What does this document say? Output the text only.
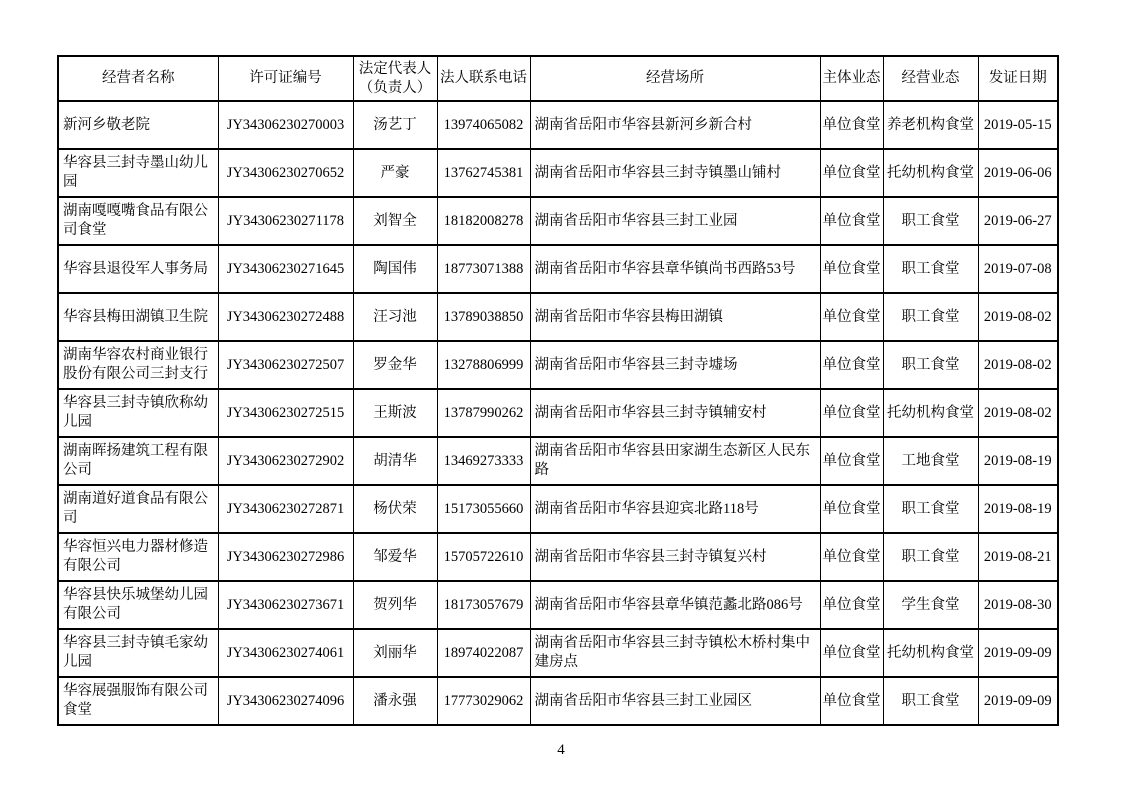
经营者名称	许可证编号	法定代表人（负责人）	法人联系电话	经营场所	主体业态	经营业态	发证日期
新河乡敬老院	JY34306230270003	汤艺丁	13974065082	湖南省岳阳市华容县新河乡新合村	单位食堂	养老机构食堂	2019-05-15
华容县三封寺墨山幼儿园	JY34306230270652	严豪	13762745381	湖南省岳阳市华容县三封寺镇墨山铺村	单位食堂	托幼机构食堂	2019-06-06
湖南嘎嘎嘴食品有限公司食堂	JY34306230271178	刘智全	18182008278	湖南省岳阳市华容县三封工业园	单位食堂	职工食堂	2019-06-27
华容县退役军人事务局	JY34306230271645	陶国伟	18773071388	湖南省岳阳市华容县章华镇尚书西路53号	单位食堂	职工食堂	2019-07-08
华容县梅田湖镇卫生院	JY34306230272488	汪习池	13789038850	湖南省岳阳市华容县梅田湖镇	单位食堂	职工食堂	2019-08-02
湖南华容农村商业银行股份有限公司三封支行	JY34306230272507	罗金华	13278806999	湖南省岳阳市华容县三封寺墟场	单位食堂	职工食堂	2019-08-02
华容县三封寺镇欣称幼儿园	JY34306230272515	王斯波	13787990262	湖南省岳阳市华容县三封寺镇辅安村	单位食堂	托幼机构食堂	2019-08-02
湖南晖扬建筑工程有限公司	JY34306230272902	胡清华	13469273333	湖南省岳阳市华容县田家湖生态新区人民东路	单位食堂	工地食堂	2019-08-19
湖南道好道食品有限公司	JY34306230272871	杨伏荣	15173055660	湖南省岳阳市华容县迎宾北路118号	单位食堂	职工食堂	2019-08-19
华容恒兴电力器材修造有限公司	JY34306230272986	邹爱华	15705722610	湖南省岳阳市华容县三封寺镇复兴村	单位食堂	职工食堂	2019-08-21
华容县快乐城堡幼儿园有限公司	JY34306230273671	贺列华	18173057679	湖南省岳阳市华容县章华镇范蠡北路086号	单位食堂	学生食堂	2019-08-30
华容县三封寺镇毛家幼儿园	JY34306230274061	刘丽华	18974022087	湖南省岳阳市华容县三封寺镇松木桥村集中建房点	单位食堂	托幼机构食堂	2019-09-09
华容展强服饰有限公司食堂	JY34306230274096	潘永强	17773029062	湖南省岳阳市华容县三封工业园区	单位食堂	职工食堂	2019-09-09
4
